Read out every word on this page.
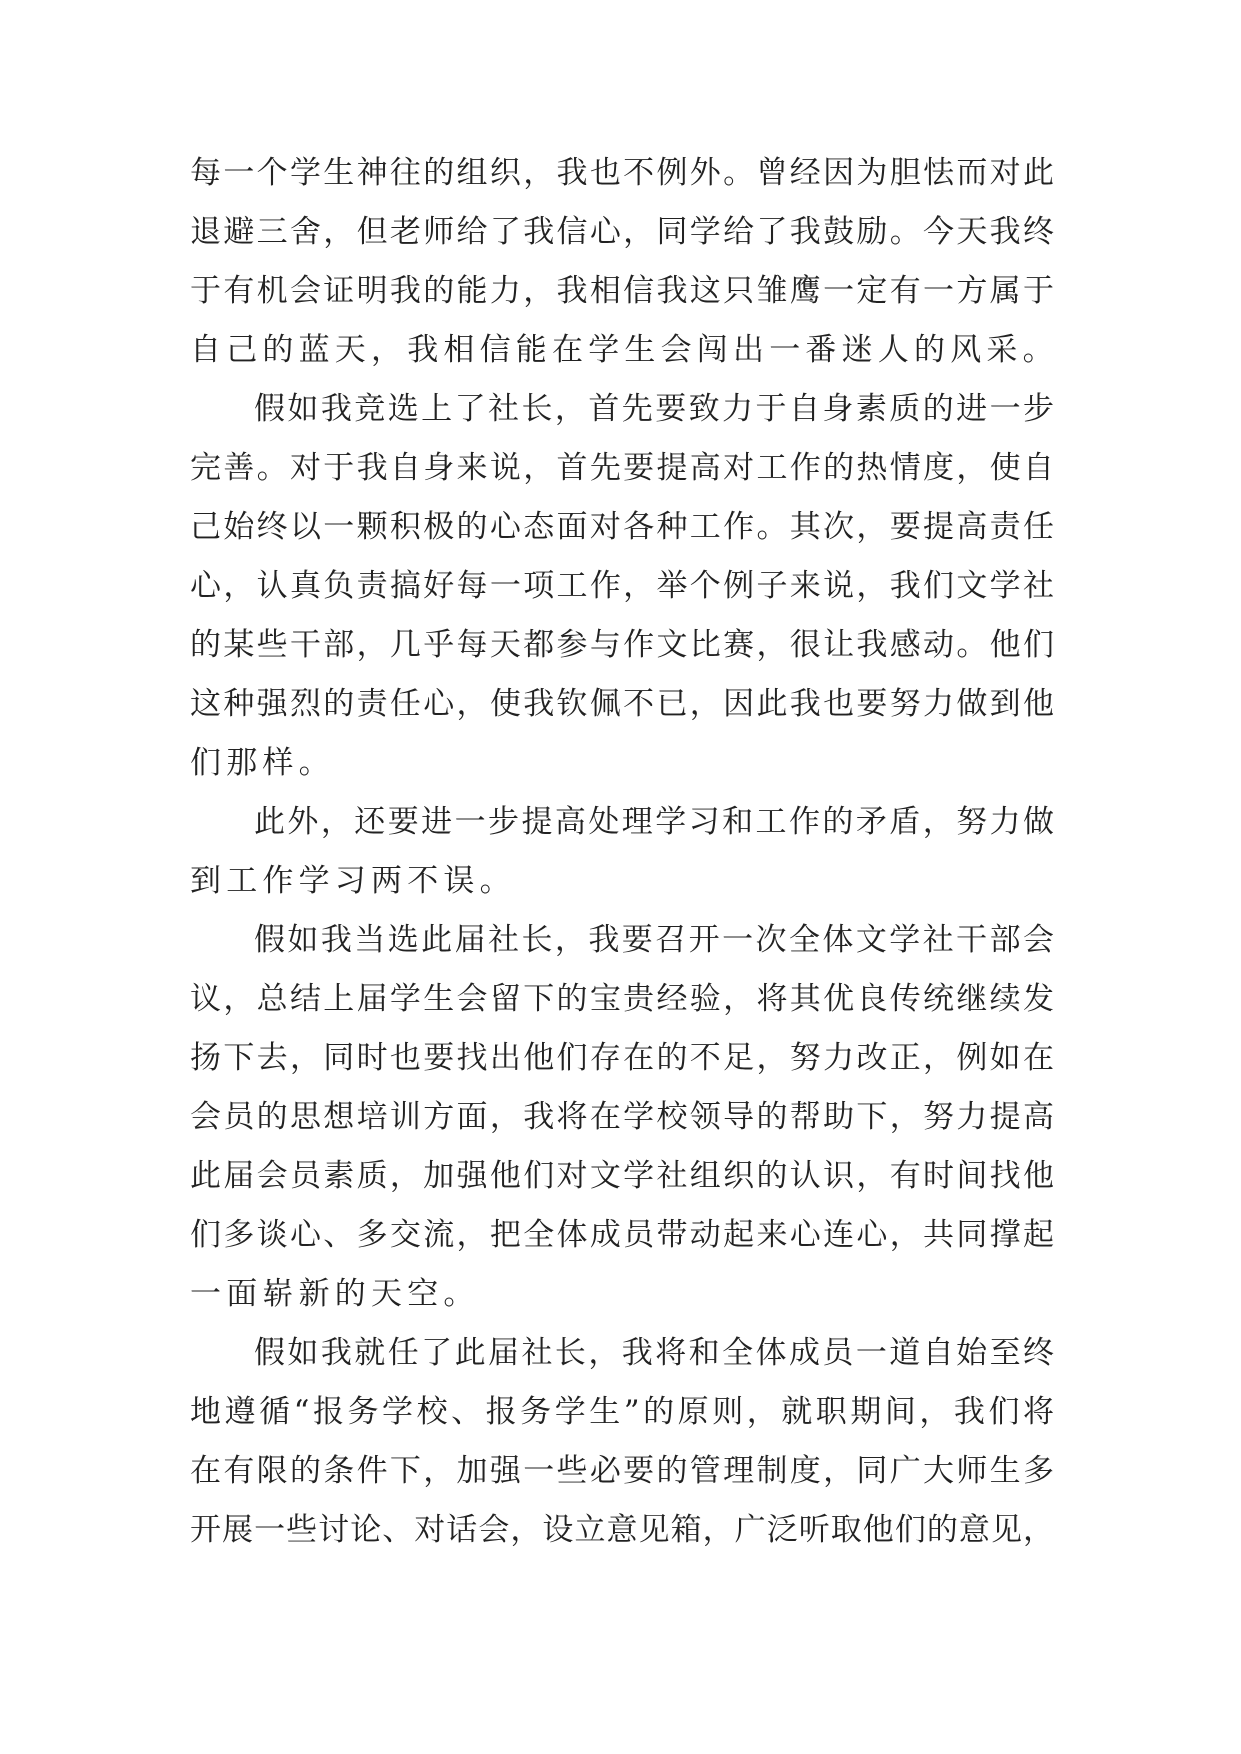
每一个学生神往的组织，我也不例外。曾经因为胆怯而对此
退避三舍，但老师给了我信心，同学给了我鼓励。今天我终
于有机会证明我的能力，我相信我这只雏鹰一定有一方属于
自己的蓝天，我相信能在学生会闯出一番迷人的风采。
假如我竞选上了社长，首先要致力于自身素质的进一步
完善。对于我自身来说，首先要提高对工作的热情度，使自
己始终以一颗积极的心态面对各种工作。其次，要提高责任
心，认真负责搞好每一项工作，举个例子来说，我们文学社
的某些干部，几乎每天都参与作文比赛，很让我感动。他们
这种强烈的责任心，使我钦佩不已，因此我也要努力做到他
们那样。
此外，还要进一步提高处理学习和工作的矛盾，努力做
到工作学习两不误。
假如我当选此届社长，我要召开一次全体文学社干部会
议，总结上届学生会留下的宝贵经验，将其优良传统继续发
扬下去，同时也要找出他们存在的不足，努力改正，例如在
会员的思想培训方面，我将在学校领导的帮助下，努力提高
此届会员素质，加强他们对文学社组织的认识，有时间找他
们多谈心、多交流，把全体成员带动起来心连心，共同撑起
一面崭新的天空。
假如我就任了此届社长，我将和全体成员一道自始至终
地遵循“报务学校、报务学生”的原则，就职期间，我们将
在有限的条件下，加强一些必要的管理制度，同广大师生多
开展一些讨论、对话会，设立意见箱，广泛听取他们的意见，
